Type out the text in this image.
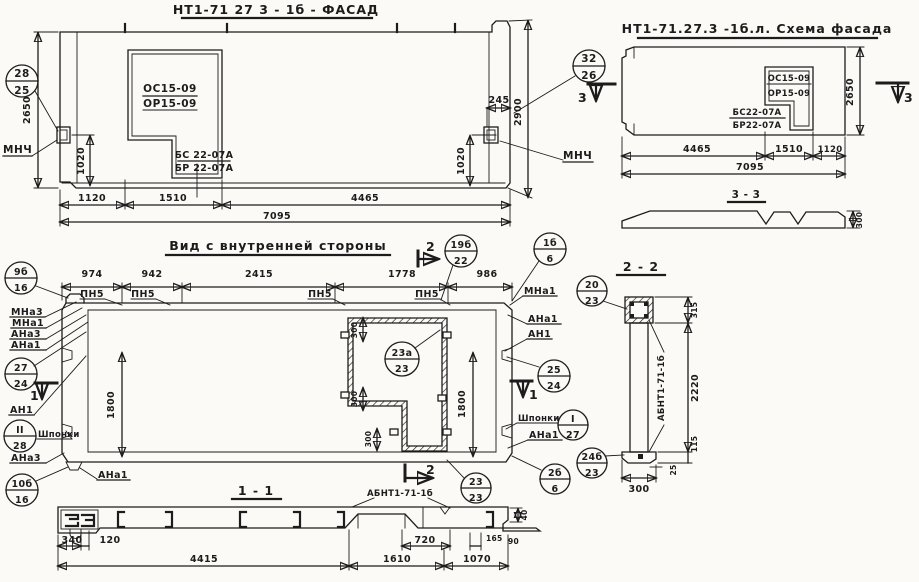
НТ1-71 27 3 - 1б - ФАСАД
ОС15-09
ОР15-09
БС 22-07А
БР 22-07А
2650
1020
1120	1510	4465
7095
245
1020
2900
МНЧ	МНЧ
28
25
32
26
3
НТ1-71.27.3 -1б.л. Схема фасада
ОС15-09
ОР15-09
БС22-07А
БР22-07А
4465	1510 1120
7095
2650	3
3 - 3
300
Вид с внутренней стороны	2
974	942	2415	1778	986
ПН5	ПН5	ПН5	ПН5
9б
16
19б
22
1б
6
МНа3
МНа1
АНа3
АНа1
27
24
1
АН1
II
28
Шпонки
АНа3
10б
16
АНа1
1800	1800
300
300
300
23а
23
МНа1
АНа1
АН1
25
24
1
Шпонки I
27
АНа1
2б
6
23
23
2
1 - 1	АБНТ1-71-1б
340 120	720	165 90
40
4415	1610	1070
2 - 2
20
23
24б
23
АБНТ1-71-1б
315
2220
115
25
300
